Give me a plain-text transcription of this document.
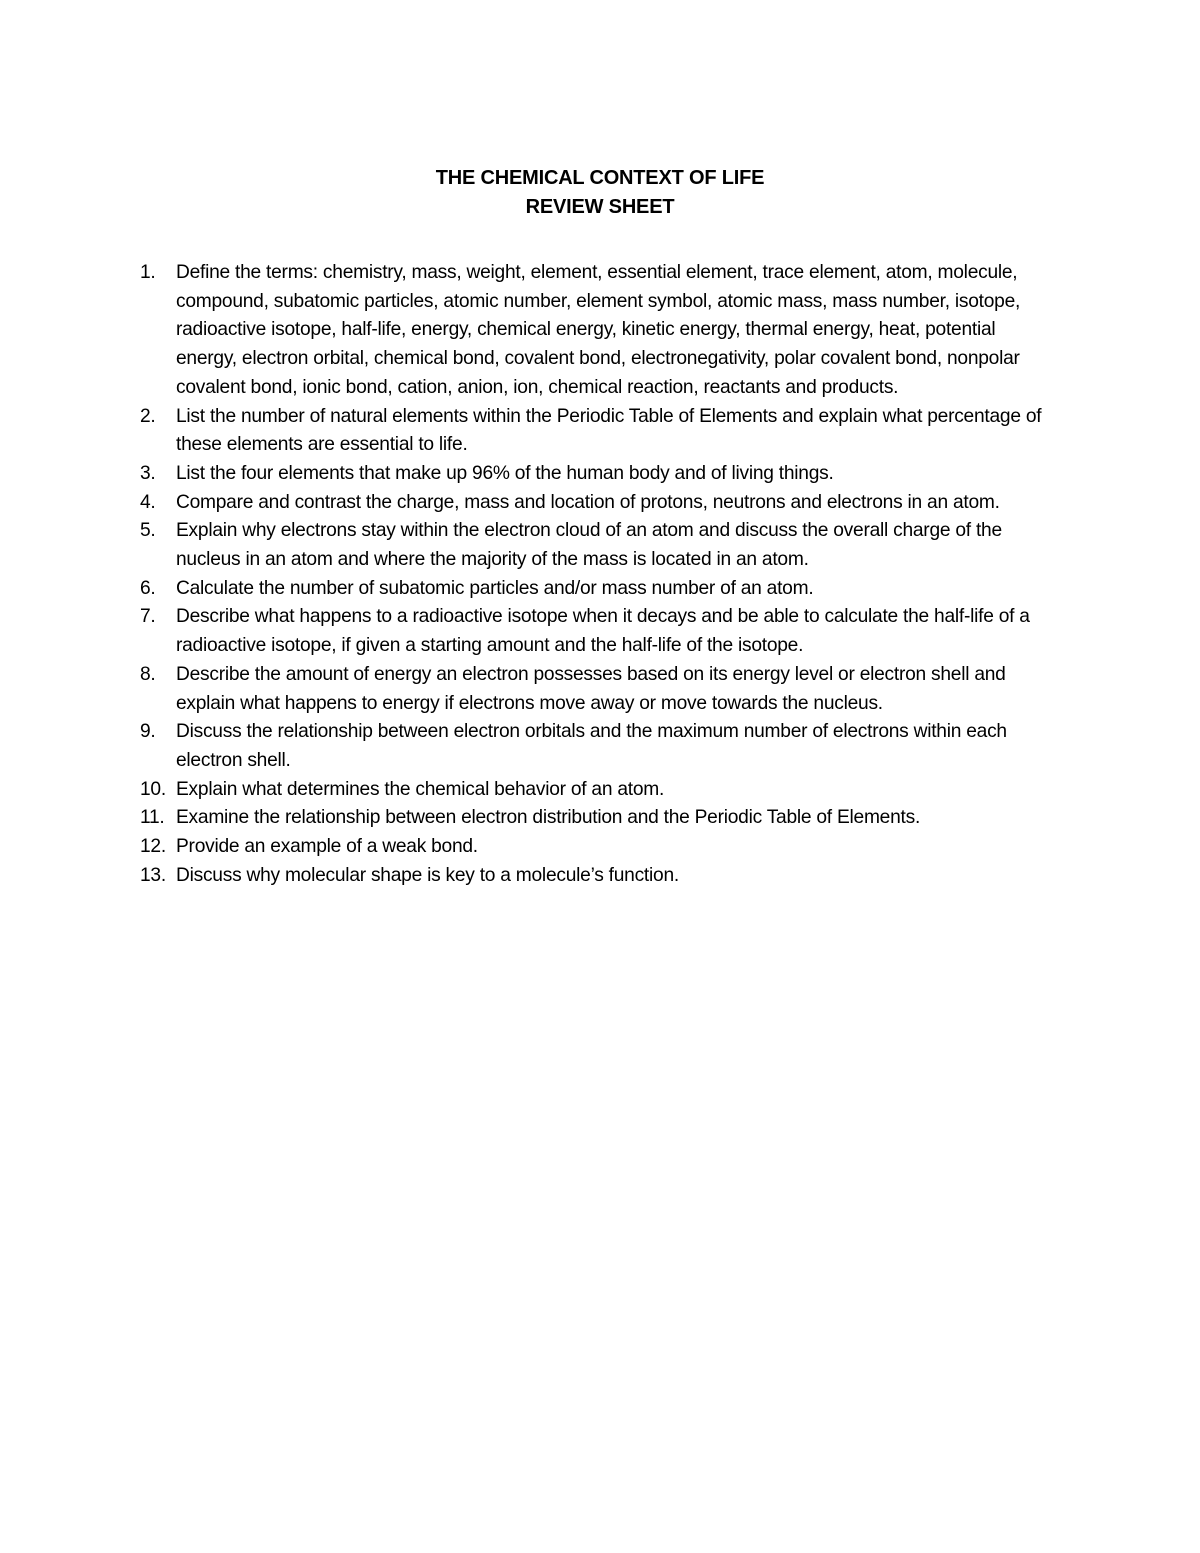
THE CHEMICAL CONTEXT OF LIFE
REVIEW SHEET
1.	Define the terms: chemistry, mass, weight, element, essential element, trace element, atom, molecule, compound, subatomic particles, atomic number, element symbol, atomic mass, mass number, isotope, radioactive isotope, half-life, energy, chemical energy, kinetic energy, thermal energy, heat, potential energy, electron orbital, chemical bond, covalent bond, electronegativity, polar covalent bond, nonpolar covalent bond, ionic bond, cation, anion, ion, chemical reaction, reactants and products.
2.	List the number of natural elements within the Periodic Table of Elements and explain what percentage of these elements are essential to life.
3.	List the four elements that make up 96% of the human body and of living things.
4.	Compare and contrast the charge, mass and location of protons, neutrons and electrons in an atom.
5.	Explain why electrons stay within the electron cloud of an atom and discuss the overall charge of the nucleus in an atom and where the majority of the mass is located in an atom.
6.	Calculate the number of subatomic particles and/or mass number of an atom.
7.	Describe what happens to a radioactive isotope when it decays and be able to calculate the half-life of a radioactive isotope, if given a starting amount and the half-life of the isotope.
8.	Describe the amount of energy an electron possesses based on its energy level or electron shell and explain what happens to energy if electrons move away or move towards the nucleus.
9.	Discuss the relationship between electron orbitals and the maximum number of electrons within each electron shell.
10. Explain what determines the chemical behavior of an atom.
11. Examine the relationship between electron distribution and the Periodic Table of Elements.
12. Provide an example of a weak bond.
13. Discuss why molecular shape is key to a molecule’s function.
